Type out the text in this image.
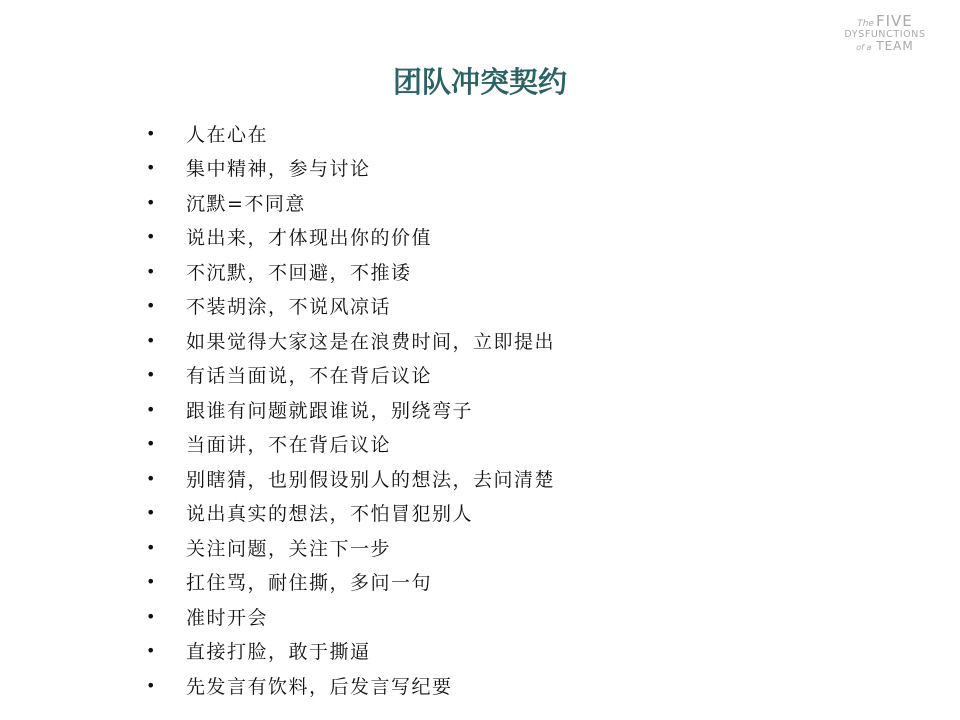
The FIVE
DYSFUNCTIONS
of a TEAM
团队冲突契约
•	人在心在
•	集中精神，参与讨论
•	沉默=不同意
•	说出来，才体现出你的价值
•	不沉默，不回避，不推诿
•	不装胡涂，不说风凉话
•	如果觉得大家这是在浪费时间，立即提出
•	有话当面说，不在背后议论
•	跟谁有问题就跟谁说，别绕弯子
•	当面讲，不在背后议论
•	别瞎猜，也别假设别人的想法，去问清楚
•	说出真实的想法，不怕冒犯别人
•	关注问题，关注下一步
•	扛住骂，耐住撕，多问一句
•	准时开会
•	直接打脸，敢于撕逼
•	先发言有饮料，后发言写纪要
